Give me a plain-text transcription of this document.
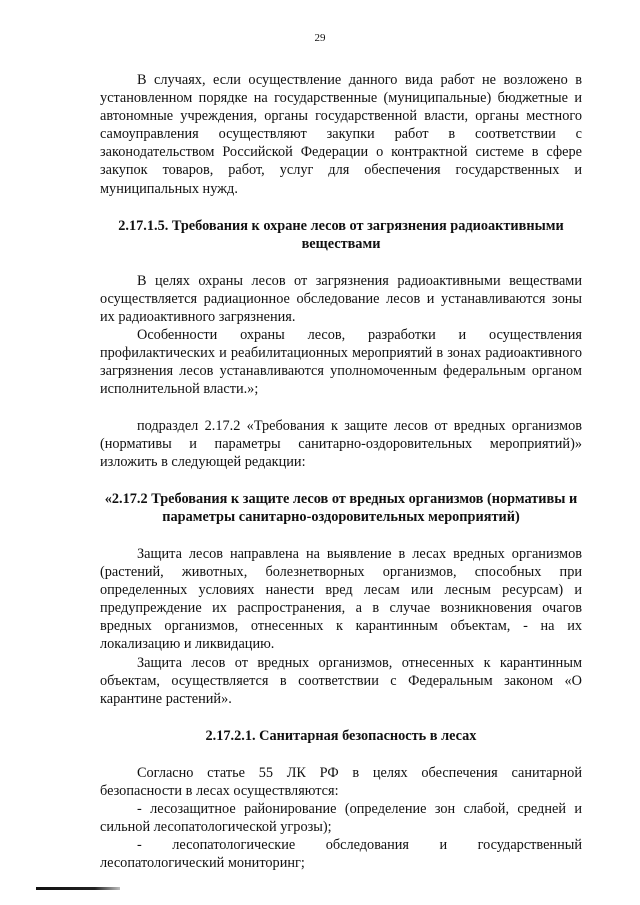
29

В случаях, если осуществление данного вида работ не возложено в установленном порядке на государственные (муниципальные) бюджетные и автономные учреждения, органы государственной власти, органы местного самоуправления осуществляют закупки работ в соответствии с законодательством Российской Федерации о контрактной системе в сфере закупок товаров, работ, услуг для обеспечения государственных и муниципальных нужд.

2.17.1.5. Требования к охране лесов от загрязнения радиоактивными веществами

В целях охраны лесов от загрязнения радиоактивными веществами осуществляется радиационное обследование лесов и устанавливаются зоны их радиоактивного загрязнения.

Особенности охраны лесов, разработки и осуществления профилактических и реабилитационных мероприятий в зонах радиоактивного загрязнения лесов устанавливаются уполномоченным федеральным органом исполнительной власти.»;

подраздел 2.17.2 «Требования к защите лесов от вредных организмов (нормативы и параметры санитарно-оздоровительных мероприятий)» изложить в следующей редакции:

«2.17.2 Требования к защите лесов от вредных организмов (нормативы и параметры санитарно-оздоровительных мероприятий)

Защита лесов направлена на выявление в лесах вредных организмов (растений, животных, болезнетворных организмов, способных при определенных условиях нанести вред лесам или лесным ресурсам) и предупреждение их распространения, а в случае возникновения очагов вредных организмов, отнесенных к карантинным объектам, - на их локализацию и ликвидацию.

Защита лесов от вредных организмов, отнесенных к карантинным объектам, осуществляется в соответствии с Федеральным законом «О карантине растений».

2.17.2.1. Санитарная безопасность в лесах

Согласно статье 55 ЛК РФ в целях обеспечения санитарной безопасности в лесах осуществляются:

- лесозащитное районирование (определение зон слабой, средней и сильной лесопатологической угрозы);

- лесопатологические обследования и государственный лесопатологический мониторинг;
